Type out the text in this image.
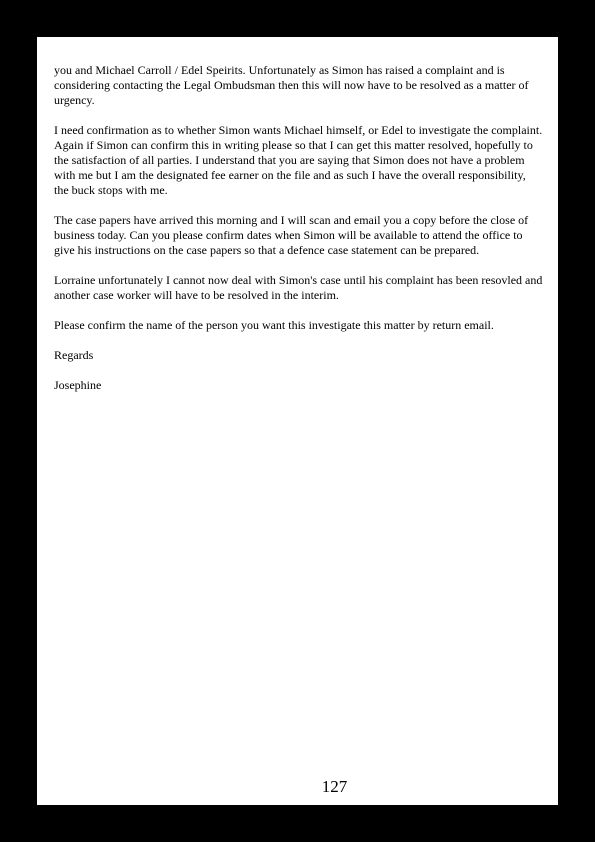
you and Michael Carroll / Edel Speirits. Unfortunately as Simon has raised a complaint and is considering contacting the Legal Ombudsman then this will now have to be resolved as a matter of urgency.

I need confirmation as to whether Simon wants Michael himself, or Edel to investigate the complaint. Again if Simon can confirm this in writing please so that I can get this matter resolved, hopefully to the satisfaction of all parties. I understand that you are saying that Simon does not have a problem with me but I am the designated fee earner on the file and as such I have the overall responsibility, the buck stops with me.

The case papers have arrived this morning and I will scan and email you a copy before the close of business today. Can you please confirm dates when Simon will be available to attend the office to give his instructions on the case papers so that a defence case statement can be prepared.

Lorraine unfortunately I cannot now deal with Simon's case until his complaint has been resovled and another case worker will have to be resolved in the interim.

Please confirm the name of the person you want this investigate this matter by return email.

Regards

Josephine

127
